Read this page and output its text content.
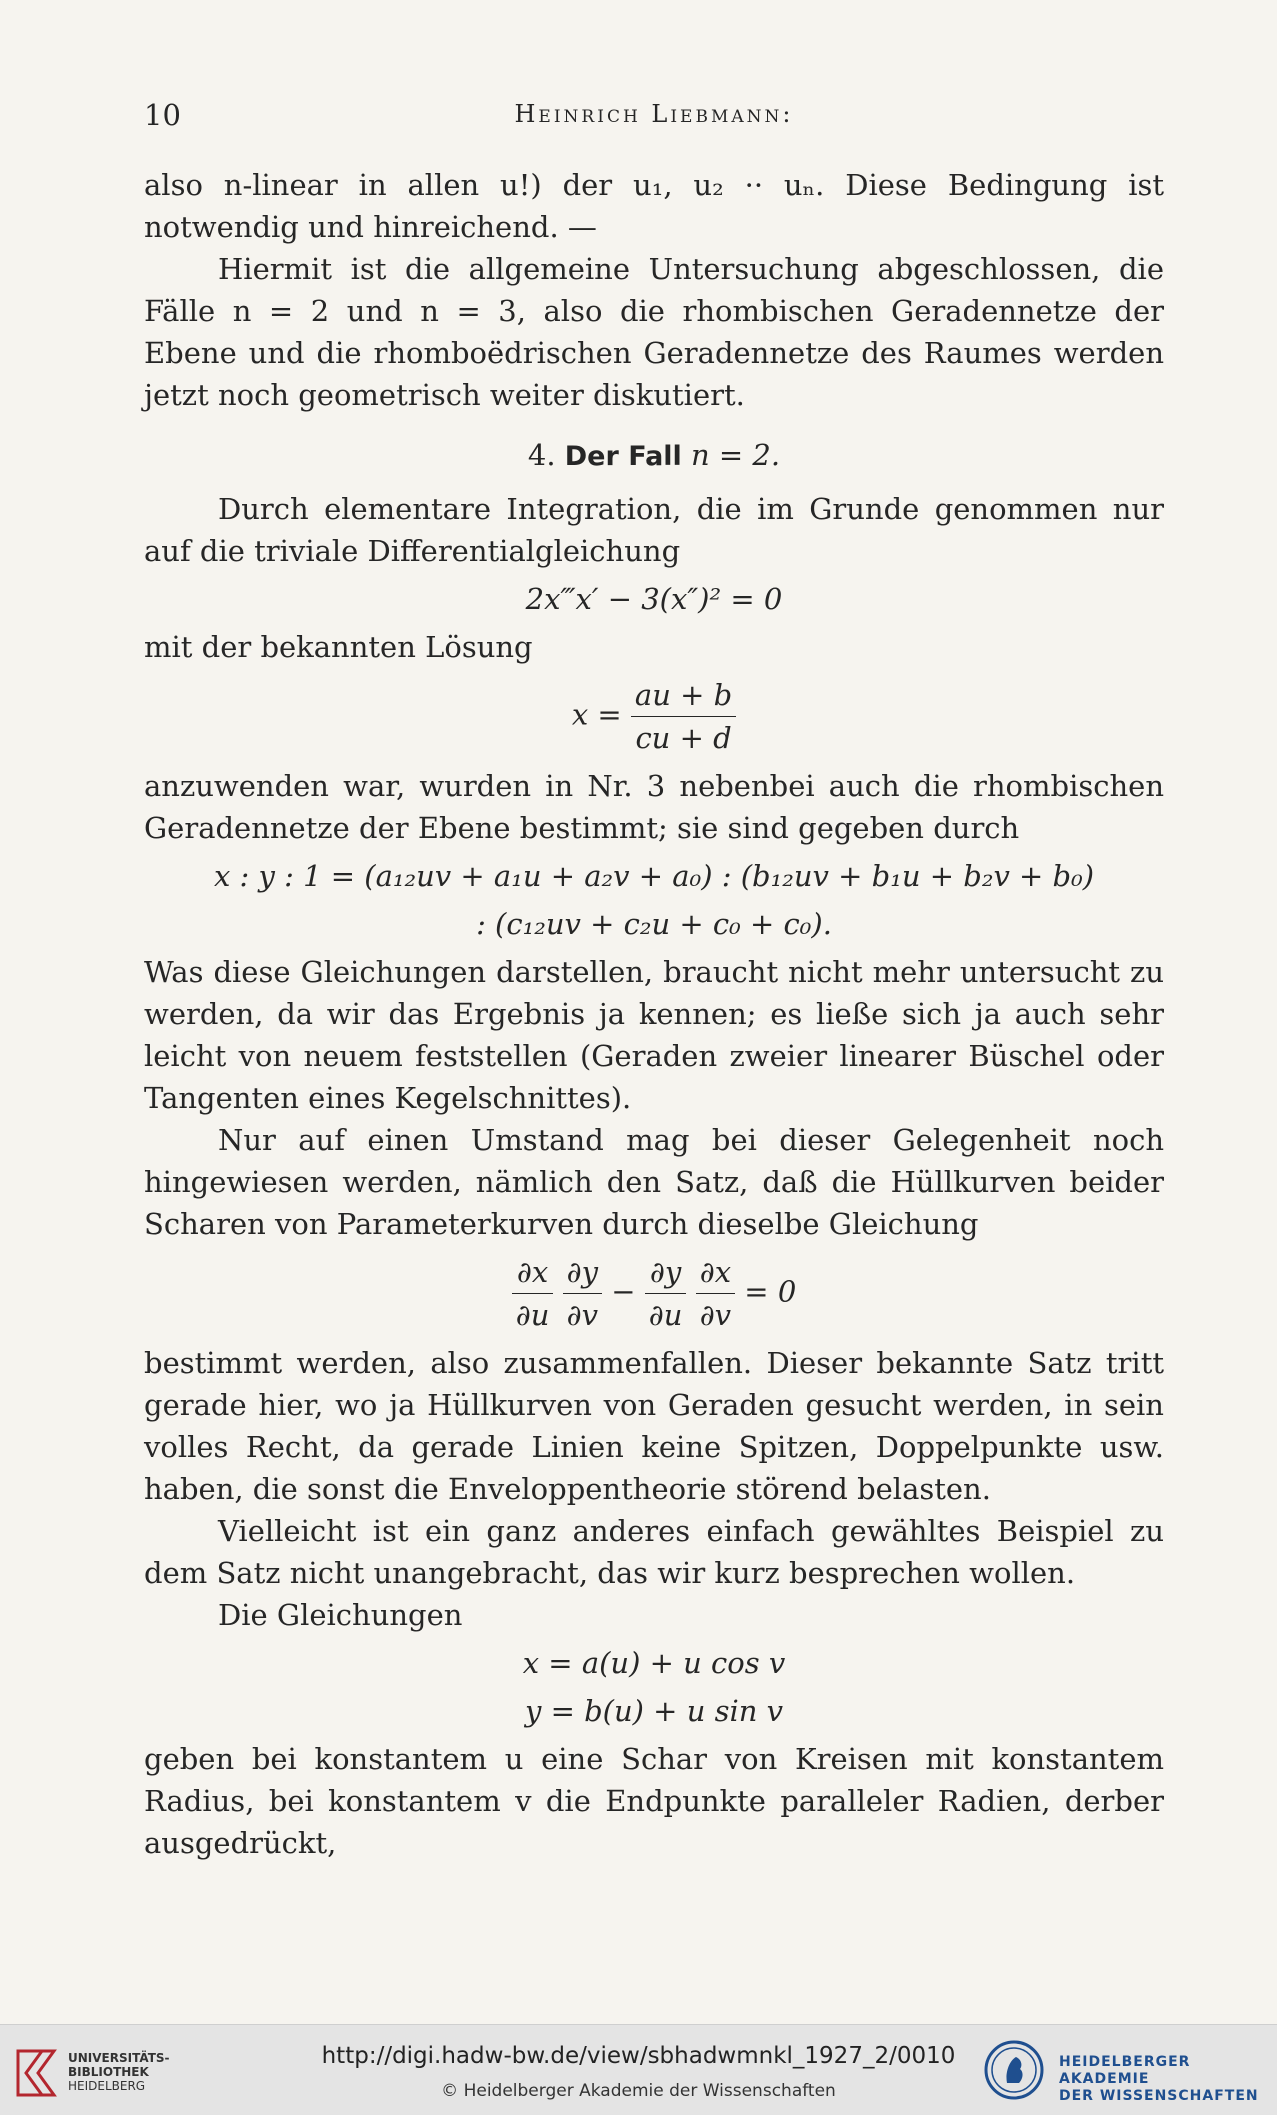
10	Heinrich Liebmann:

also n-linear in allen u!) der u₁, u₂ ·· uₙ. Diese Bedingung ist notwendig und hinreichend. —

Hiermit ist die allgemeine Untersuchung abgeschlossen, die Fälle n = 2 und n = 3, also die rhombischen Geradennetze der Ebene und die rhomboëdrischen Geradennetze des Raumes werden jetzt noch geometrisch weiter diskutiert.

4. Der Fall n = 2.

Durch elementare Integration, die im Grunde genommen nur auf die triviale Differentialgleichung

2x‴x′ − 3(x″)² = 0

mit der bekannten Lösung

$x = \frac{au + b}{cu + d}$

anzuwenden war, wurden in Nr. 3 nebenbei auch die rhombischen Geradennetze der Ebene bestimmt; sie sind gegeben durch

x : y : 1 = (a₁₂uv + a₁u + a₂v + a₀) : (b₁₂uv + b₁u + b₂v + b₀)
: (c₁₂uv + c₂u + c₀ + c₀).

Was diese Gleichungen darstellen, braucht nicht mehr untersucht zu werden, da wir das Ergebnis ja kennen; es ließe sich ja auch sehr leicht von neuem feststellen (Geraden zweier linearer Büschel oder Tangenten eines Kegelschnittes).

Nur auf einen Umstand mag bei dieser Gelegenheit noch hingewiesen werden, nämlich den Satz, daß die Hüllkurven beider Scharen von Parameterkurven durch dieselbe Gleichung

$\frac{\partial x}{\partial u}$
$\frac{\partial y}{\partial v} - \frac{\partial y}{\partial u}$
$\frac{\partial x}{\partial v} = 0$

bestimmt werden, also zusammenfallen. Dieser bekannte Satz tritt gerade hier, wo ja Hüllkurven von Geraden gesucht werden, in sein volles Recht, da gerade Linien keine Spitzen, Doppelpunkte usw. haben, die sonst die Enveloppentheorie störend belasten.

Vielleicht ist ein ganz anderes einfach gewähltes Beispiel zu dem Satz nicht unangebracht, das wir kurz besprechen wollen.

Die Gleichungen

x = a(u) + u cos v
y = b(u) + u sin v

geben bei konstantem u eine Schar von Kreisen mit konstantem Radius, bei konstantem v die Endpunkte paralleler Radien, derber ausgedrückt,

UNIVERSITÄTS-
BIBLIOTHEK
HEIDELBERG
http://digi.hadw-bw.de/view/sbhadwmnkl_1927_2/0010
© Heidelberger Akademie der Wissenschaften
HEIDELBERGER AKADEMIE
DER WISSENSCHAFTEN
